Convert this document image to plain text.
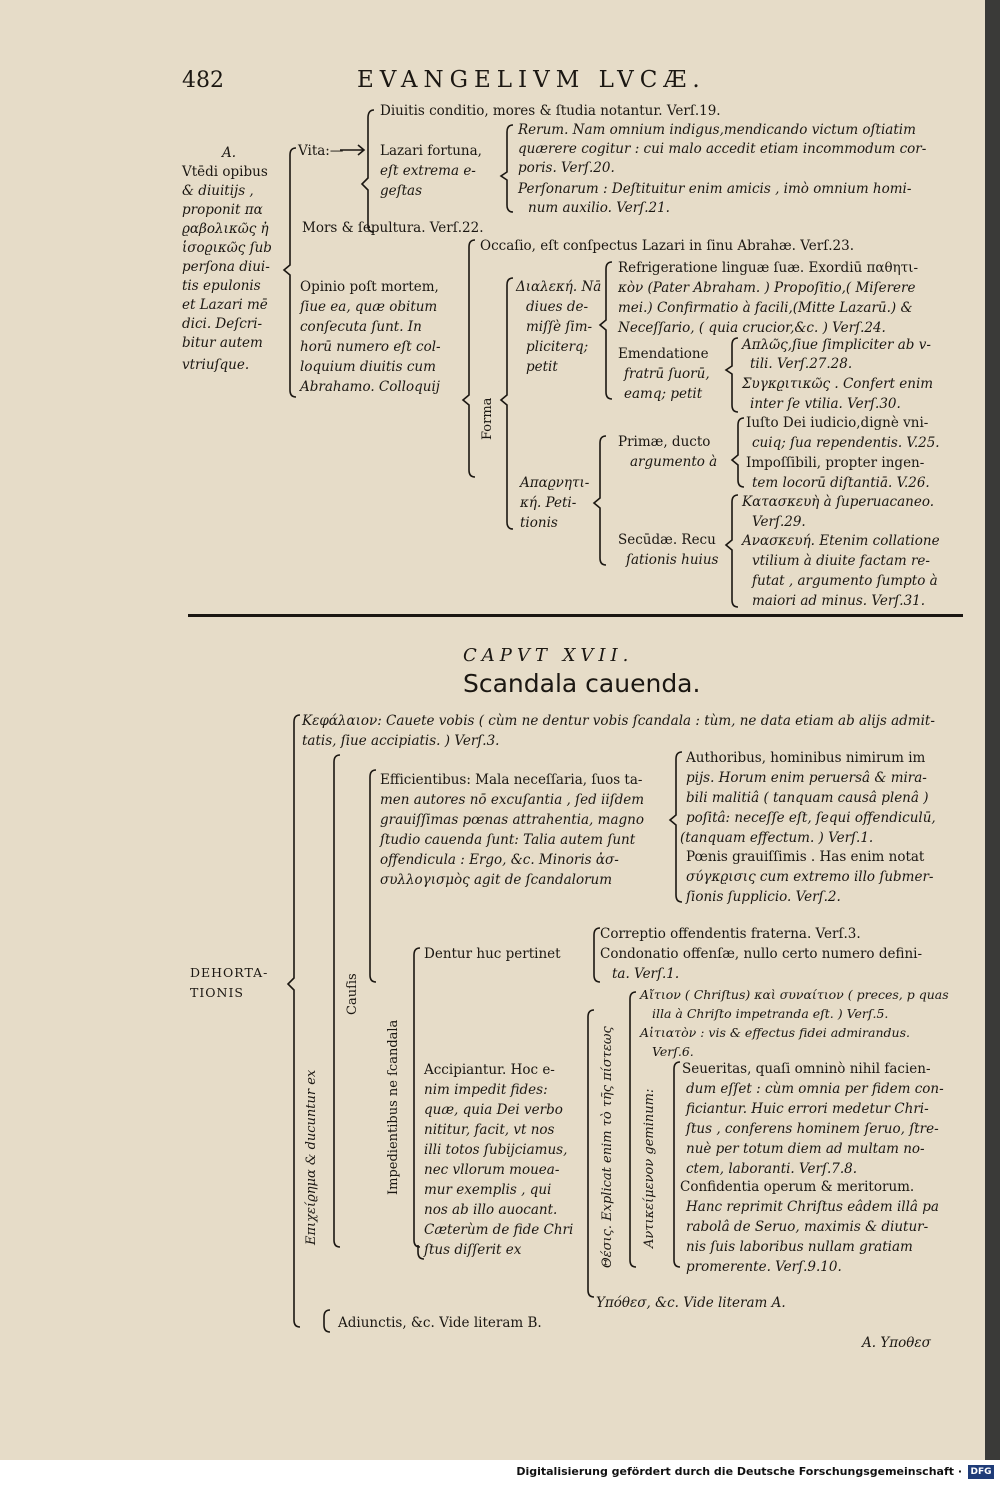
482	EVANGELIVM LVCÆ.
A.
Vtēdi opibus
& diuitijs ,
proponit πα
ϱαβολικῶς ἠ
ἱσοϱικῶς ſub
perſona diui-
tis epulonis
et Lazari mē
dici. Deſcri-
bitur autem
vtriuſque.
Vita:—
Diuitis conditio, mores & ſtudia notantur. Verſ.19.
Lazari fortuna,
eſt extrema e-
geſtas
Rerum. Nam omnium indigus,mendicando victum oſtiatim
quærere cogitur : cui malo accedit etiam incommodum cor-
poris. Verſ.20.
Perſonarum : Deſtituitur enim amicis , imò omnium homi-
num auxilio. Verſ.21.
Mors & ſepultura. Verſ.22.
Opinio poſt mortem,
ſiue ea, quæ obitum
conſecuta ſunt. In
horū numero eſt col-
loquium diuitis cum
Abrahamo. Colloquij
Occaſio, eſt conſpectus Lazari in ſinu Abrahæ. Verſ.23.
Forma
Διαλεκή. Nā
diues de-
miſſè ſim-
pliciterq;
petit
Refrigeratione linguæ ſuæ. Exordiū παθητι-
κὸν (Pater Abraham. ) Propoſitio,( Miſerere
mei.) Confirmatio à facili,(Mitte Lazarū.) &
Neceſſario, ( quia crucior,&c. ) Verſ.24.
Emendatione
fratrū ſuorū,
eamq; petit
Απλῶς,ſiue ſimpliciter ab v-
tili. Verſ.27.28.
Συγκϱιτικῶς . Confert enim
inter ſe vtilia. Verſ.30.
Απαϱνητι-
κή. Peti-
tionis
Primæ, ducto
argumento à
Iuſto Dei iudicio,dignè vni-
cuiq; ſua rependentis. V.25.
Impoſſibili, propter ingen-
tem locorū diſtantiā. V.26.
Secūdæ. Recu
ſationis huius
Κατασκευὴ à ſuperuacaneo.
Verſ.29.
Ανασκευή. Etenim collatione
vtilium à diuite factam re-
futat , argumento ſumpto à
maiori ad minus. Verſ.31.
CAPVT XVII.
Scandala cauenda.
Κεφάλαιον: Cauete vobis ( cùm ne dentur vobis ſcandala : tùm, ne data etiam ab alijs admit-
tatis, ſiue accipiatis. ) Verſ.3.
DEHORTA-
TIONIS
Επιχείϱημα & ducuntur ex
Cauſis
Efficientibus: Mala neceſſaria, ſuos ta-
men autores nō excuſantia , ſed iiſdem
grauiſſimas pœnas attrahentia, magno
ſtudio cauenda ſunt: Talia autem ſunt
offendicula : Ergo, &c. Minoris ἀσ-
συλλογισμὸς agit de ſcandalorum
Authoribus, hominibus nimirum im
pijs. Horum enim peruersâ & mira-
bili malitiâ ( tanquam causâ plenâ )
poſitâ: neceſſe eſt, ſequi offendiculū,
(tanquam effectum. ) Verſ.1.
Pœnis grauiſſimis . Has enim notat
σύγκϱισις cum extremo illo ſubmer-
ſionis ſupplicio. Verſ.2.
Impedientibus ne ſcandala
Dentur huc pertinet
Correptio offendentis fraterna. Verſ.3.
Condonatio offenſæ, nullo certo numero defini-
ta. Verſ.1.
Accipiantur. Hoc e-
nim impedit fides:
quæ, quia Dei verbo
nititur, facit, vt nos
illi totos ſubijciamus,
nec vllorum mouea-
mur exemplis , qui
nos ab illo auocant.
Cæterùm de fide Chri
ſtus diſſerit ex	Θέσις. Explicat enim τὸ τῆς πίστεως Αντικείμενον geminum:
Αἴτιον ( Chriſtus) καὶ συναίτιον ( preces, p quas
illa à Chriſto impetranda eſt. ) Verſ.5.
Αἰτιατὸν : vis & effectus fidei admirandus.
Verſ.6.
Seueritas, quaſi omninò nihil facien-
dum eſſet : cùm omnia per fidem con-
ficiantur. Huic errori medetur Chri-
ſtus , conferens hominem ſeruo, ſtre-
nuè per totum diem ad multam no-
ctem, laboranti. Verſ.7.8.
Confidentia operum & meritorum.
Hanc reprimit Chriſtus eâdem illâ pa
rabolâ de Seruo, maximis & diutur-
nis ſuis laboribus nullam gratiam
promerente. Verſ.9.10.
Υπόθεσ, &c. Vide literam A.
Adiunctis, &c. Vide literam B.
A. Υποθεσ
Digitalisierung gefördert durch die Deutsche Forschungsgemeinschaft · DFG
